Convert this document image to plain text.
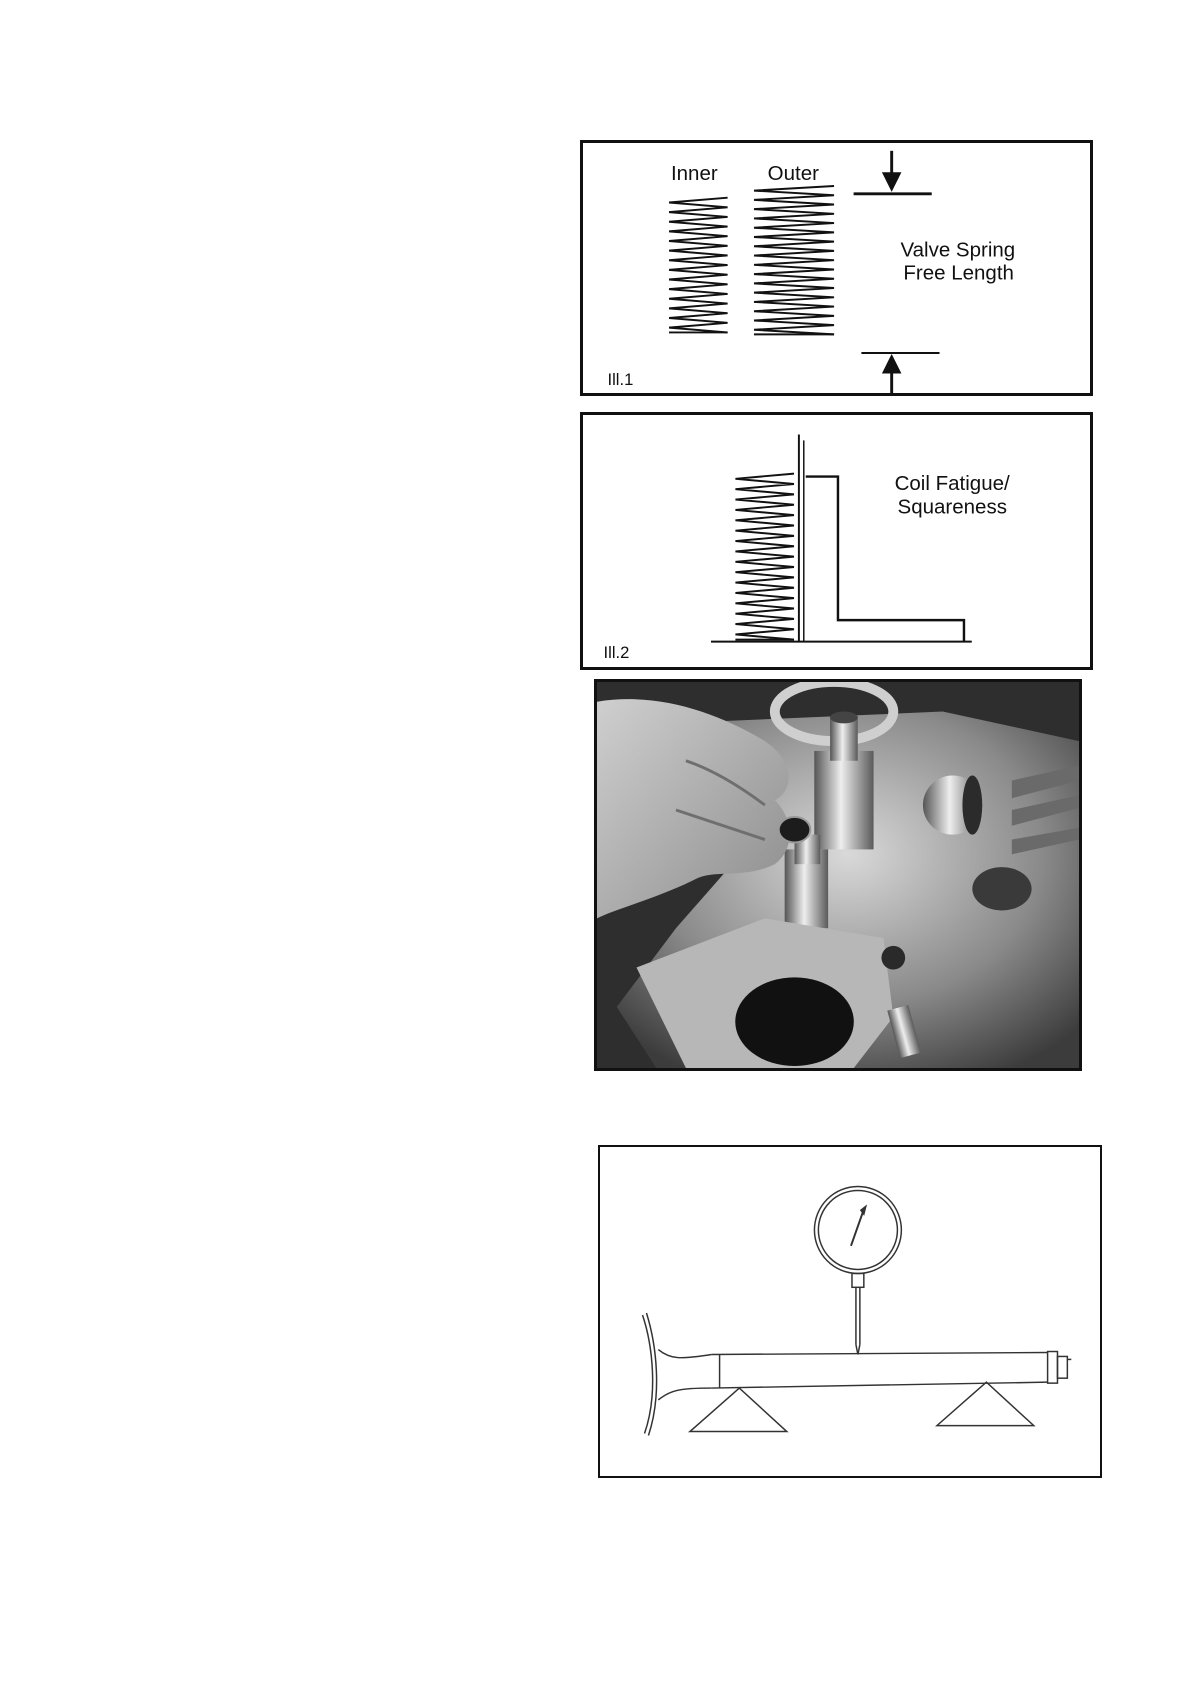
Inner Outer
Valve Spring
Free Length
Ill.1
Coil Fatigue/
Squareness
Ill.2
